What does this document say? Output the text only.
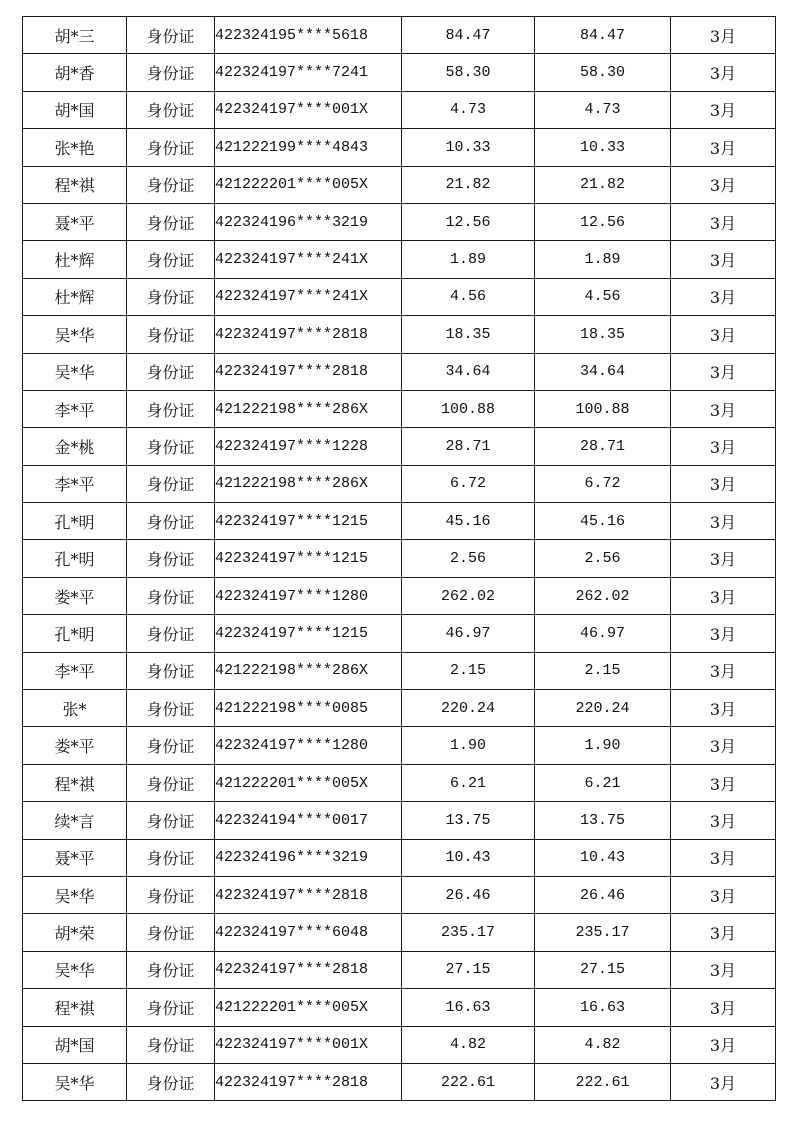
胡*三	身份证	422324195****5618	84.47	84.47	3月
胡*香	身份证	422324197****7241	58.30	58.30	3月
胡*国	身份证	422324197****001X	4.73	4.73	3月
张*艳	身份证	421222199****4843	10.33	10.33	3月
程*祺	身份证	421222201****005X	21.82	21.82	3月
聂*平	身份证	422324196****3219	12.56	12.56	3月
杜*辉	身份证	422324197****241X	1.89	1.89	3月
杜*辉	身份证	422324197****241X	4.56	4.56	3月
吴*华	身份证	422324197****2818	18.35	18.35	3月
吴*华	身份证	422324197****2818	34.64	34.64	3月
李*平	身份证	421222198****286X	100.88	100.88	3月
金*桃	身份证	422324197****1228	28.71	28.71	3月
李*平	身份证	421222198****286X	6.72	6.72	3月
孔*明	身份证	422324197****1215	45.16	45.16	3月
孔*明	身份证	422324197****1215	2.56	2.56	3月
娄*平	身份证	422324197****1280	262.02	262.02	3月
孔*明	身份证	422324197****1215	46.97	46.97	3月
李*平	身份证	421222198****286X	2.15	2.15	3月
张*	身份证	421222198****0085	220.24	220.24	3月
娄*平	身份证	422324197****1280	1.90	1.90	3月
程*祺	身份证	421222201****005X	6.21	6.21	3月
续*言	身份证	422324194****0017	13.75	13.75	3月
聂*平	身份证	422324196****3219	10.43	10.43	3月
吴*华	身份证	422324197****2818	26.46	26.46	3月
胡*荣	身份证	422324197****6048	235.17	235.17	3月
吴*华	身份证	422324197****2818	27.15	27.15	3月
程*祺	身份证	421222201****005X	16.63	16.63	3月
胡*国	身份证	422324197****001X	4.82	4.82	3月
吴*华	身份证	422324197****2818	222.61	222.61	3月
